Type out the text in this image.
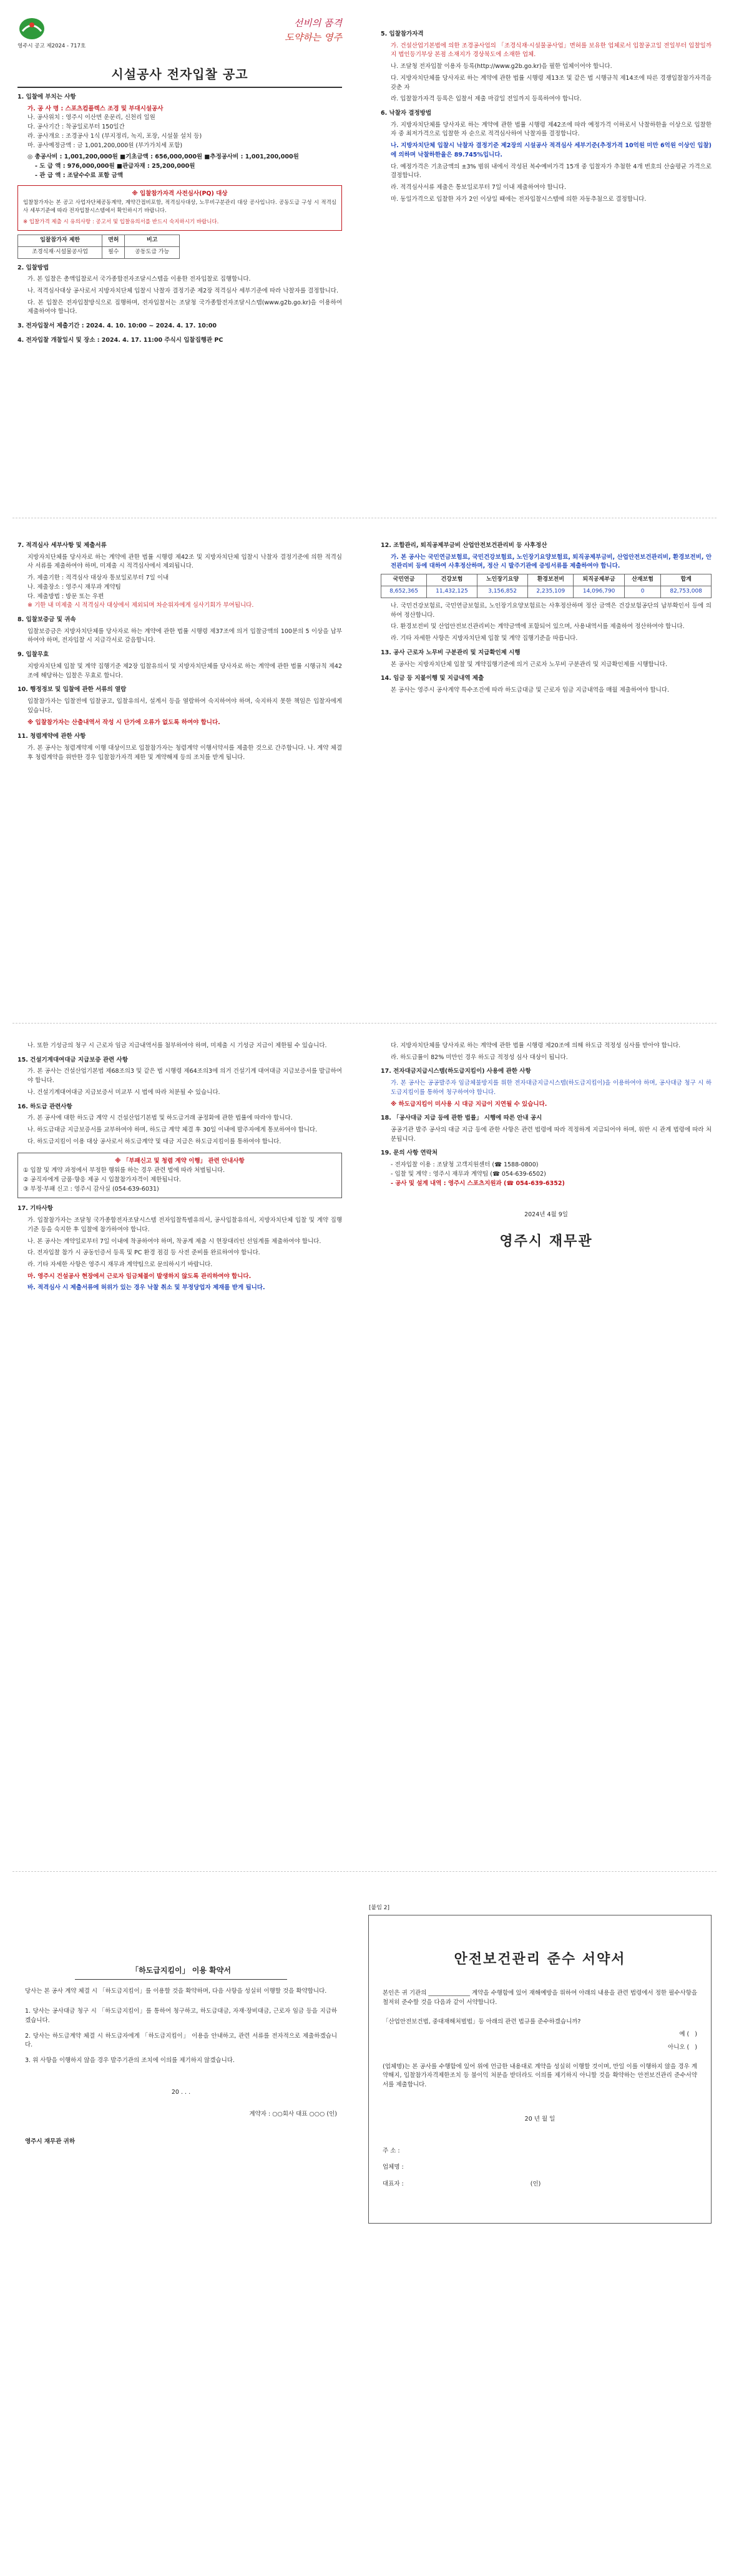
영주시 공고 제2024 - 717호
선비의 품격
도약하는 영주
시설공사 전자입찰 공고
1. 입찰에 부치는 사항
가. 공 사 명 : 스포츠컴플렉스 조경 및 부대시설공사
나. 공사위치 : 영주시 이산면 운문리, 신천리 일원
다. 공사기간 : 착공일로부터 150일간
라. 공사개요 : 조경공사 1식 (부지정리, 녹지, 포장, 시설물 설치 등)
마. 공사예정금액 : 금 1,001,200,000원 (부가가치세 포함)
◎ 총공사비 : 1,001,200,000원 ■기초금액 : 656,000,000원 ■추정공사비 : 1,001,200,000원
- 도 급 액 : 976,000,000원 ■관급자재 : 25,200,000원
- 관 급 액 : 조달수수료 포함 금액
※ 입찰참가자격 사전심사(PQ) 대상
입찰참가자는 본 공고 사업자단체공동계약, 계약간접비포함, 적격심사대상, 노무비구분관리 대상 공사입니다. 공동도급 구성 시 적격심사 세부기준에 따라 전자입찰시스템에서 확인하시기 바랍니다.
※ 입찰가격 제출 시 유의사항 : 공고서 및 입찰유의서를 반드시 숙지하시기 바랍니다.
입찰참가자 제한	면허	비고
조경식재·시설물공사업	필수	공동도급 가능
2. 입찰방법
가. 본 입찰은 총액입찰로서 국가종합전자조달시스템을 이용한 전자입찰로 집행합니다.
나. 적격심사대상 공사로서 지방자치단체 입찰시 낙찰자 결정기준 제2장 적격심사 세부기준에 따라 낙찰자를 결정합니다.
다. 본 입찰은 전자입찰방식으로 집행하며, 전자입찰서는 조달청 국가종합전자조달시스템(www.g2b.go.kr)을 이용하여 제출하여야 합니다.
3. 전자입찰서 제출기간 : 2024. 4. 10. 10:00 ~ 2024. 4. 17. 10:00
4. 전자입찰 개찰일시 및 장소 : 2024. 4. 17. 11:00 주식시 입찰집행관 PC
5. 입찰참가자격
가. 건설산업기본법에 의한 조경공사업의 「조경식재·시설물공사업」면허를 보유한 업체로서 입찰공고일 전일부터 입찰일까지 법인등기부상 본점 소재지가 경상북도에 소재한 업체.
나. 조달청 전자입찰 이용자 등록(http://www.g2b.go.kr)을 필한 업체이어야 합니다.
다. 지방자치단체를 당사자로 하는 계약에 관한 법률 시행령 제13조 및 같은 법 시행규칙 제14조에 따른 경쟁입찰참가자격을 갖춘 자
라. 입찰참가자격 등록은 입찰서 제출 마감일 전일까지 등록하여야 합니다.
6. 낙찰자 결정방법
가. 지방자치단체를 당사자로 하는 계약에 관한 법률 시행령 제42조에 따라 예정가격 이하로서 낙찰하한율 이상으로 입찰한 자 중 최저가격으로 입찰한 자 순으로 적격심사하여 낙찰자를 결정합니다.
나. 지방자치단체 입찰시 낙찰자 결정기준 제2장의 시설공사 적격심사 세부기준(추정가격 10억원 미만 6억원 이상인 입찰)에 의하며 낙찰하한율은 89.745%입니다.
다. 예정가격은 기초금액의 ±3% 범위 내에서 작성된 복수예비가격 15개 중 입찰자가 추첨한 4개 번호의 산술평균 가격으로 결정합니다.
라. 적격심사서류 제출은 통보일로부터 7일 이내 제출하여야 합니다.
마. 동일가격으로 입찰한 자가 2인 이상일 때에는 전자입찰시스템에 의한 자동추첨으로 결정합니다.
7. 적격심사 세부사항 및 제출서류
지방자치단체를 당사자로 하는 계약에 관한 법률 시행령 제42조 및 지방자치단체 입찰시 낙찰자 결정기준에 의한 적격심사 서류를 제출하여야 하며, 미제출 시 적격심사에서 제외됩니다.
가. 제출기한 : 적격심사 대상자 통보일로부터 7일 이내
나. 제출장소 : 영주시 재무과 계약팀
다. 제출방법 : 방문 또는 우편
※ 기한 내 미제출 시 적격심사 대상에서 제외되며 차순위자에게 심사기회가 부여됩니다.
8. 입찰보증금 및 귀속
입찰보증금은 지방자치단체를 당사자로 하는 계약에 관한 법률 시행령 제37조에 의거 입찰금액의 100분의 5 이상을 납부하여야 하며, 전자입찰 시 지급각서로 갈음합니다.
9. 입찰무효
지방자치단체 입찰 및 계약 집행기준 제2장 입찰유의서 및 지방자치단체를 당사자로 하는 계약에 관한 법률 시행규칙 제42조에 해당하는 입찰은 무효로 합니다.
10. 행정정보 및 입찰에 관한 서류의 열람
입찰참가자는 입찰전에 입찰공고, 입찰유의서, 설계서 등을 열람하여 숙지하여야 하며, 숙지하지 못한 책임은 입찰자에게 있습니다.
※ 입찰참가자는 산출내역서 작성 시 단가에 오류가 없도록 하여야 합니다.
11. 청렴계약에 관한 사항
가. 본 공사는 청렴계약제 이행 대상이므로 입찰참가자는 청렴계약 이행서약서를 제출한 것으로 간주합니다. 나. 계약 체결 후 청렴계약을 위반한 경우 입찰참가자격 제한 및 계약해제 등의 조치를 받게 됩니다.
12. 조합관리, 퇴직공제부금비 산업안전보건관리비 등 사후정산
가. 본 공사는 국민연금보험료, 국민건강보험료, 노인장기요양보험료, 퇴직공제부금비, 산업안전보건관리비, 환경보전비, 안전관리비 등에 대하여 사후정산하며, 정산 시 발주기관에 증빙서류를 제출하여야 합니다.
국민연금	건강보험	노인장기요양	환경보전비	퇴직공제부금	산재보험	합계
8,652,365	11,432,125	3,156,852	2,235,109	14,096,790	0	82,753,008
나. 국민건강보험료, 국민연금보험료, 노인장기요양보험료는 사후정산하며 정산 금액은 건강보험공단의 납부확인서 등에 의하여 정산합니다.
다. 환경보전비 및 산업안전보건관리비는 계약금액에 포함되어 있으며, 사용내역서를 제출하여 정산하여야 합니다.
라. 기타 자세한 사항은 지방자치단체 입찰 및 계약 집행기준을 따릅니다.
13. 공사 근로자 노무비 구분관리 및 지급확인제 시행
본 공사는 지방자치단체 입찰 및 계약집행기준에 의거 근로자 노무비 구분관리 및 지급확인제를 시행합니다.
14. 임금 등 지불이행 및 지급내역 제출
본 공사는 영주시 공사계약 특수조건에 따라 하도급대금 및 근로자 임금 지급내역을 매월 제출하여야 합니다.
나. 또한 기성금의 청구 시 근로자 임금 지급내역서를 첨부하여야 하며, 미제출 시 기성금 지급이 제한될 수 있습니다.
15. 건설기계대여대금 지급보증 관련 사항
가. 본 공사는 건설산업기본법 제68조의3 및 같은 법 시행령 제64조의3에 의거 건설기계 대여대금 지급보증서를 발급하여야 합니다.
나. 건설기계대여대금 지급보증서 미교부 시 법에 따라 처분될 수 있습니다.
16. 하도급 관련사항
가. 본 공사에 대한 하도급 계약 시 건설산업기본법 및 하도급거래 공정화에 관한 법률에 따라야 합니다.
나. 하도급대금 지급보증서를 교부하여야 하며, 하도급 계약 체결 후 30일 이내에 발주자에게 통보하여야 합니다.
다. 하도급지킴이 이용 대상 공사로서 하도급계약 및 대금 지급은 하도급지킴이를 통하여야 합니다.
※ 「부패신고 및 청렴 계약 이행」 관련 안내사항
① 입찰 및 계약 과정에서 부정한 행위를 하는 경우 관련 법에 따라 처벌됩니다.
② 공직자에게 금품·향응 제공 시 입찰참가자격이 제한됩니다.
③ 부정·부패 신고 : 영주시 감사실 (054-639-6031)
17. 기타사항
가. 입찰참가자는 조달청 국가종합전자조달시스템 전자입찰특별유의서, 공사입찰유의서, 지방자치단체 입찰 및 계약 집행기준 등을 숙지한 후 입찰에 참가하여야 합니다.
나. 본 공사는 계약일로부터 7일 이내에 착공하여야 하며, 착공계 제출 시 현장대리인 선임계를 제출하여야 합니다.
다. 전자입찰 참가 시 공동인증서 등록 및 PC 환경 점검 등 사전 준비를 완료하여야 합니다.
라. 기타 자세한 사항은 영주시 재무과 계약팀으로 문의하시기 바랍니다.
마. 영주시 건설공사 현장에서 근로자 임금체불이 발생하지 않도록 관리하여야 합니다.
바. 적격심사 시 제출서류에 허위가 있는 경우 낙찰 취소 및 부정당업자 제재를 받게 됩니다.
다. 지방자치단체를 당사자로 하는 계약에 관한 법률 시행령 제20조에 의해 하도급 적정성 심사를 받아야 합니다.
라. 하도급률이 82% 미만인 경우 하도급 적정성 심사 대상이 됩니다.
17. 전자대금지급시스템(하도급지킴이) 사용에 관한 사항
가. 본 공사는 공공발주자 임금체불방지를 위한 전자대금지급시스템(하도급지킴이)을 이용하여야 하며, 공사대금 청구 시 하도급지킴이를 통하여 청구하여야 합니다.
※ 하도급지킴이 미사용 시 대금 지급이 지연될 수 있습니다.
18. 「공사대금 지급 등에 관한 법률」 시행에 따른 안내 공시
공공기관 발주 공사의 대금 지급 등에 관한 사항은 관련 법령에 따라 적정하게 지급되어야 하며, 위반 시 관계 법령에 따라 처분됩니다.
19. 문의 사항 연락처
- 전자입찰 이용 : 조달청 고객지원센터 (☎ 1588-0800)
- 입찰 및 계약 : 영주시 재무과 계약팀 (☎ 054-639-6502)
- 공사 및 설계 내역 : 영주시 스포츠지원과 (☎ 054-639-6352)
2024년 4월 9일
영주시 재무관
「하도급지킴이」 이용 확약서
당사는 본 공사 계약 체결 시 「하도급지킴이」를 이용할 것을 확약하며, 다음 사항을 성실히 이행할 것을 확약합니다.
1. 당사는 공사대금 청구 시 「하도급지킴이」를 통하여 청구하고, 하도급대금, 자재·장비대금, 근로자 임금 등을 지급하겠습니다.
2. 당사는 하도급계약 체결 시 하도급자에게 「하도급지킴이」 이용을 안내하고, 관련 서류를 전자적으로 제출하겠습니다.
3. 위 사항을 이행하지 않을 경우 발주기관의 조치에 이의를 제기하지 않겠습니다.
20 . . .
계약자 : ○○회사 대표 ○○○ (인)
영주시 재무관 귀하
[붙임 2]
안전보건관리 준수 서약서
본인은 귀 기관의 ______________ 계약을 수행함에 있어 재해예방을 위하여 아래의 내용을 관련 법령에서 정한 필수사항을 철저히 준수할 것을 다음과 같이 서약합니다.
「산업안전보건법, 중대재해처벌법」등 아래의 관련 법규를 준수하겠습니까?
예 (   )
아니오 (   )
(업체명)는 본 공사를 수행함에 있어 위에 언급한 내용대로 계약을 성실히 이행할 것이며, 만일 이를 이행하지 않을 경우 계약해지, 입찰참가자격제한조치 등 불이익 처분을 받더라도 이의를 제기하지 아니할 것을 확약하는 안전보건관리 준수서약서를 제출합니다.
20 년 월 일
주 소 :
업체명 :
대표자 :	(인)
